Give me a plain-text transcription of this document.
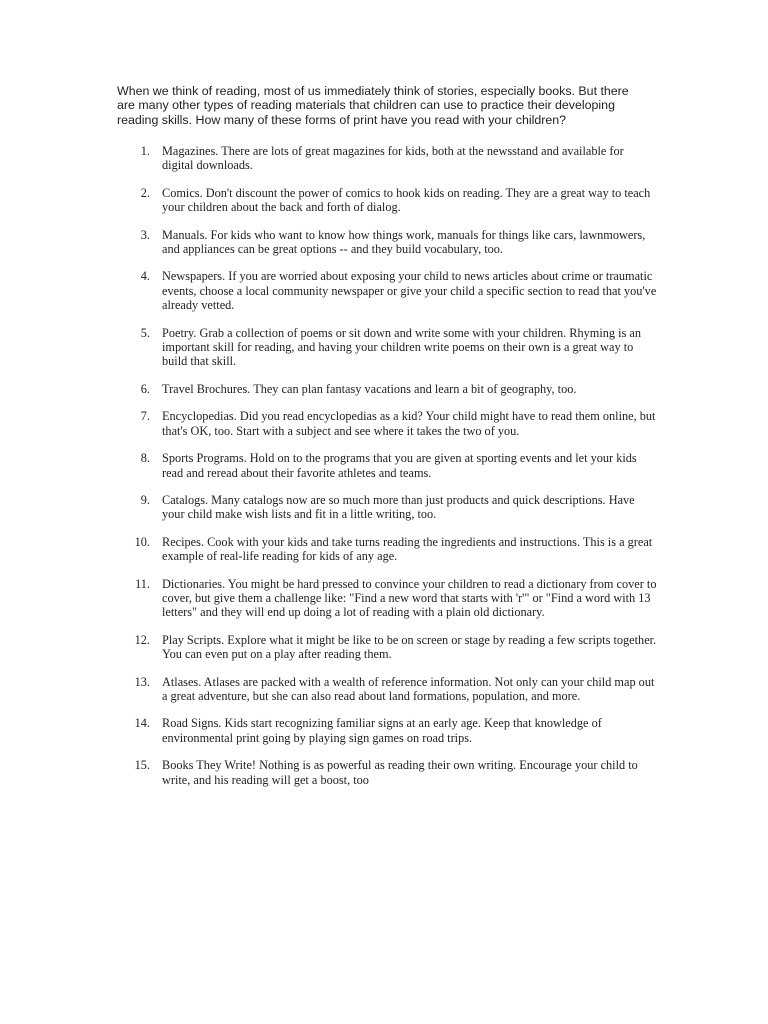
When we think of reading, most of us immediately think of stories, especially books. But there are many other types of reading materials that children can use to practice their developing reading skills. How many of these forms of print have you read with your children?

1. Magazines. There are lots of great magazines for kids, both at the newsstand and available for digital downloads.
2. Comics. Don't discount the power of comics to hook kids on reading. They are a great way to teach your children about the back and forth of dialog.
3. Manuals. For kids who want to know how things work, manuals for things like cars, lawnmowers, and appliances can be great options -- and they build vocabulary, too.
4. Newspapers. If you are worried about exposing your child to news articles about crime or traumatic events, choose a local community newspaper or give your child a specific section to read that you've already vetted.
5. Poetry. Grab a collection of poems or sit down and write some with your children. Rhyming is an important skill for reading, and having your children write poems on their own is a great way to build that skill.
6. Travel Brochures. They can plan fantasy vacations and learn a bit of geography, too.
7. Encyclopedias. Did you read encyclopedias as a kid? Your child might have to read them online, but that's OK, too. Start with a subject and see where it takes the two of you.
8. Sports Programs. Hold on to the programs that you are given at sporting events and let your kids read and reread about their favorite athletes and teams.
9. Catalogs. Many catalogs now are so much more than just products and quick descriptions. Have your child make wish lists and fit in a little writing, too.
10. Recipes. Cook with your kids and take turns reading the ingredients and instructions. This is a great example of real-life reading for kids of any age.
11. Dictionaries. You might be hard pressed to convince your children to read a dictionary from cover to cover, but give them a challenge like: "Find a new word that starts with 'r'" or "Find a word with 13 letters" and they will end up doing a lot of reading with a plain old dictionary.
12. Play Scripts. Explore what it might be like to be on screen or stage by reading a few scripts together. You can even put on a play after reading them.
13. Atlases. Atlases are packed with a wealth of reference information. Not only can your child map out a great adventure, but she can also read about land formations, population, and more.
14. Road Signs. Kids start recognizing familiar signs at an early age. Keep that knowledge of environmental print going by playing sign games on road trips.
15. Books They Write! Nothing is as powerful as reading their own writing. Encourage your child to write, and his reading will get a boost, too
